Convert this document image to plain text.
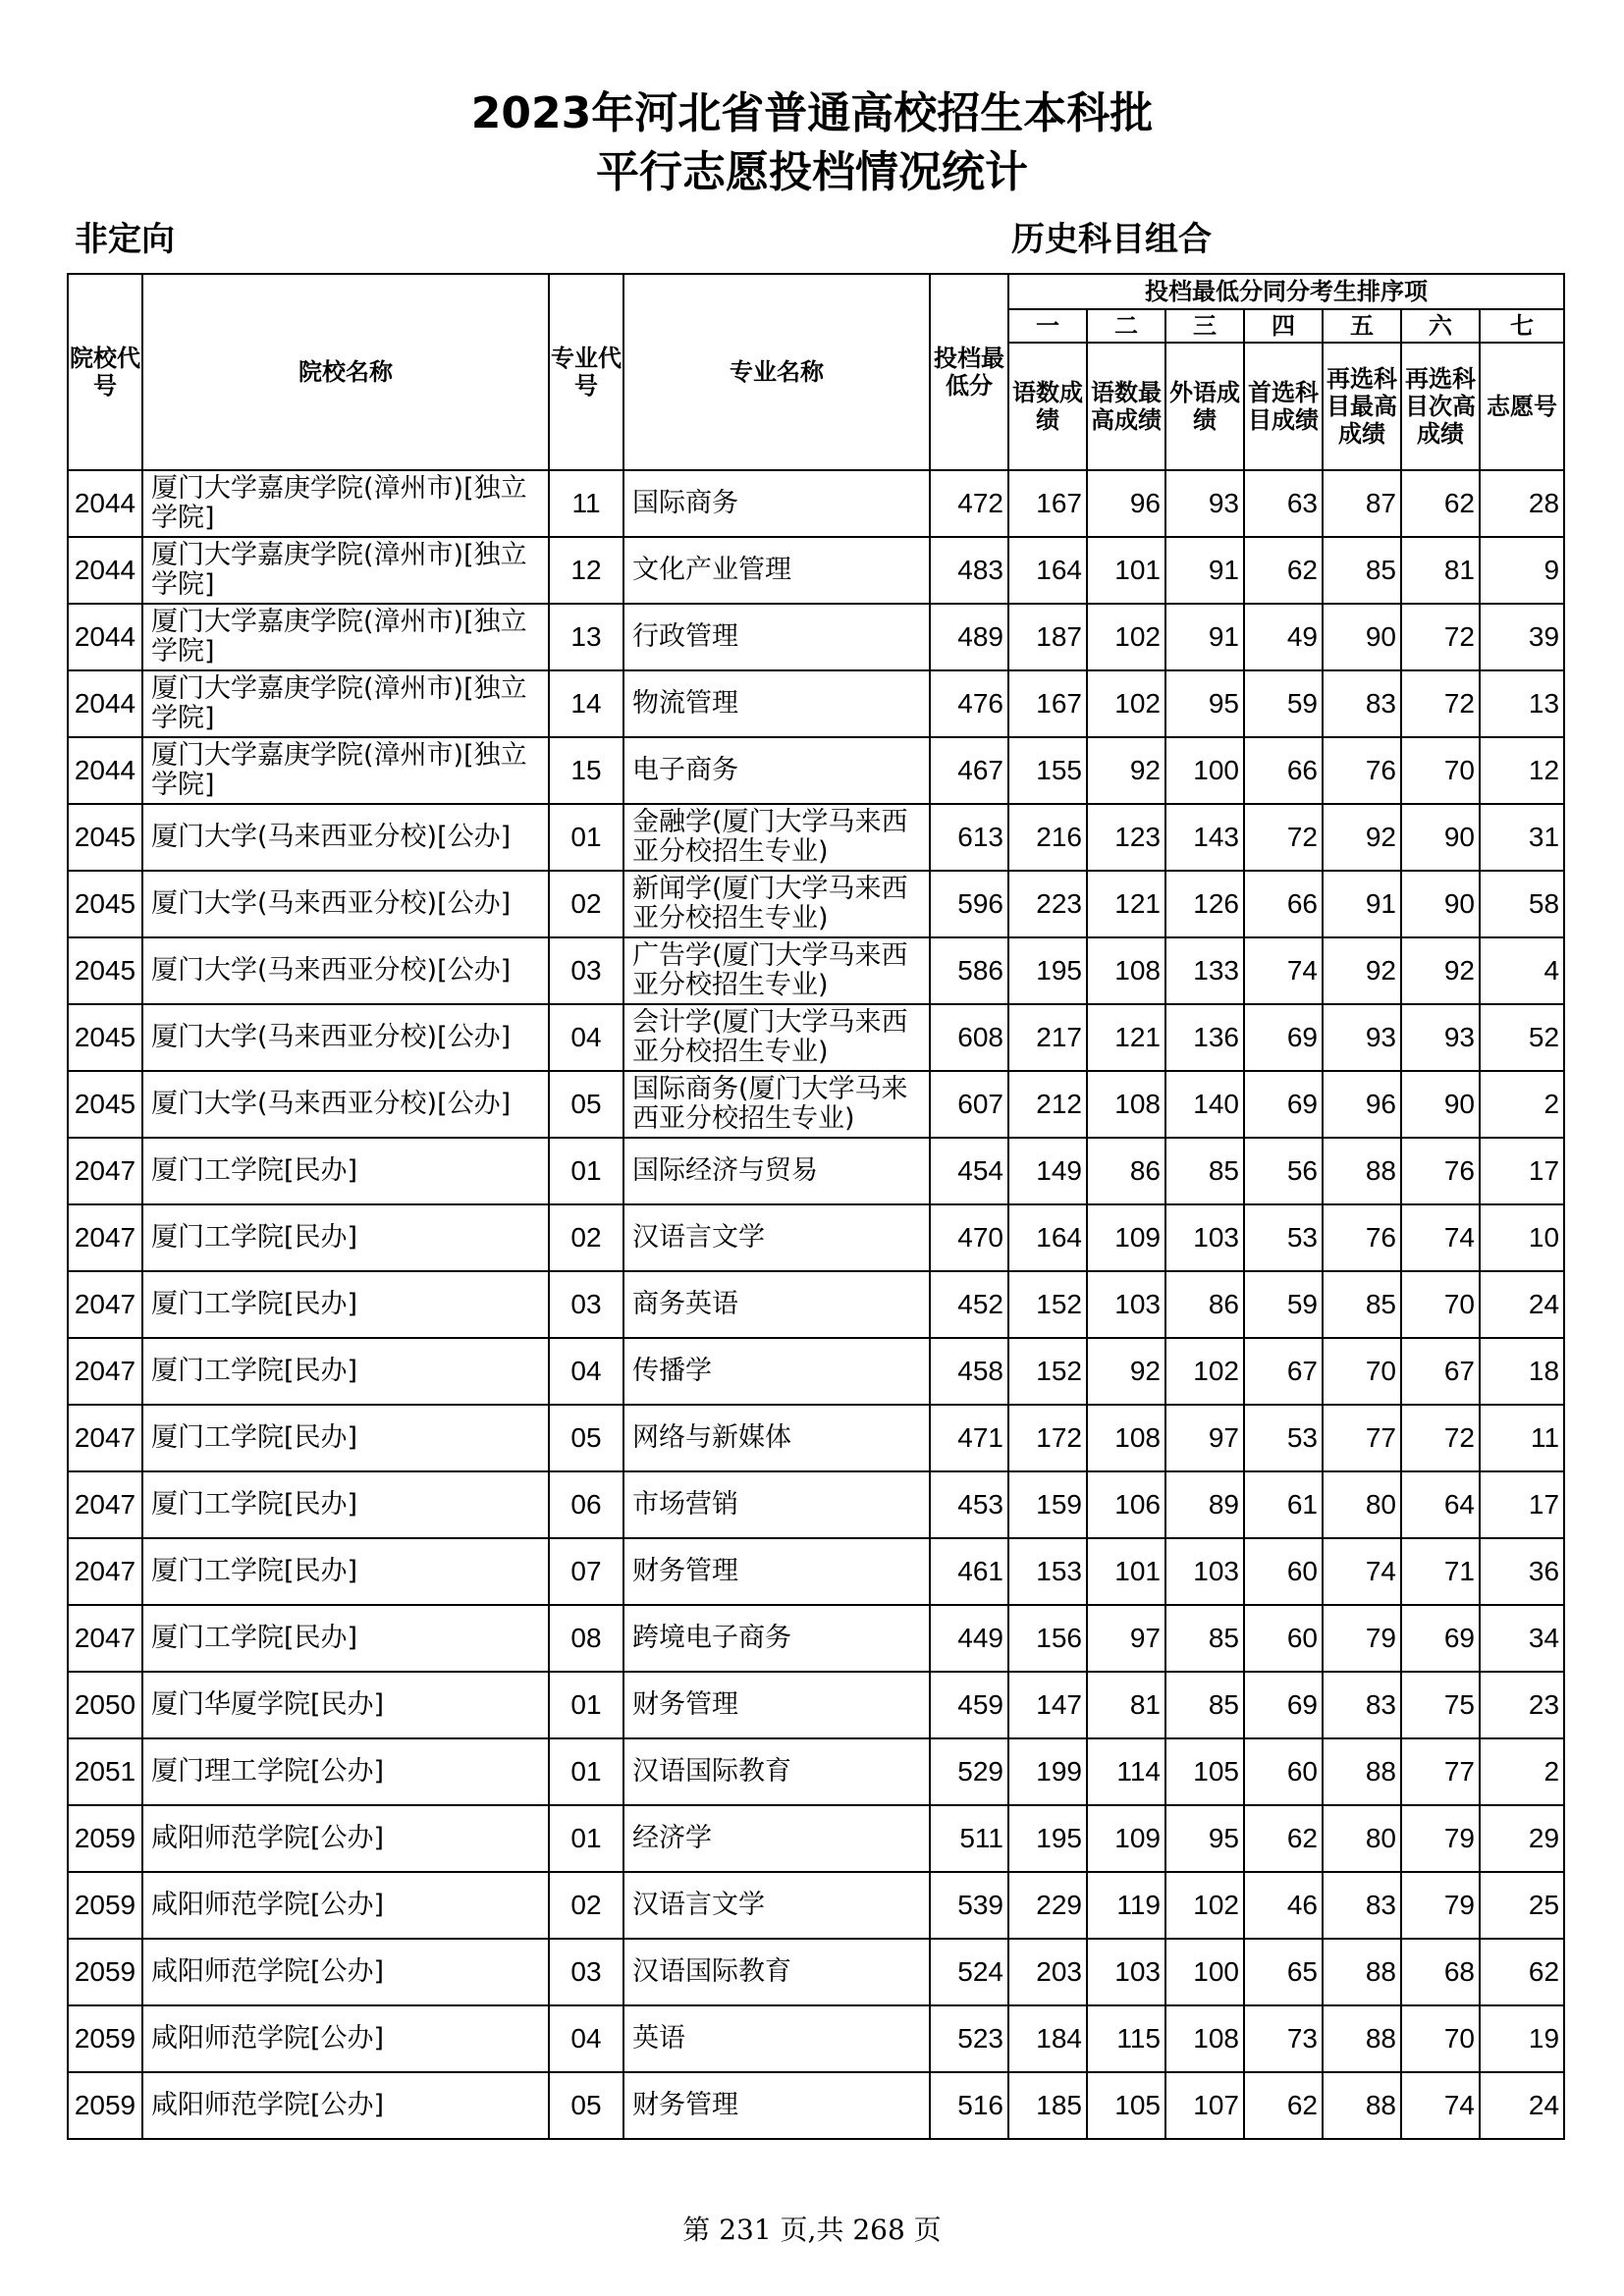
2023年河北省普通高校招生本科批
平行志愿投档情况统计
非定向	历史科目组合
院校代号	院校名称	专业代号	专业名称	投档最低分	投档最低分同分考生排序项						
					一	二	三	四	五	六	七
					语数成绩	语数最高成绩	外语成绩	首选科目成绩	再选科目最高成绩	再选科目次高成绩	志愿号
2044	厦门大学嘉庚学院(漳州市)[独立学院]	11	国际商务	472	167	96	93	63	87	62	28
2044	厦门大学嘉庚学院(漳州市)[独立学院]	12	文化产业管理	483	164	101	91	62	85	81	9
2044	厦门大学嘉庚学院(漳州市)[独立学院]	13	行政管理	489	187	102	91	49	90	72	39
2044	厦门大学嘉庚学院(漳州市)[独立学院]	14	物流管理	476	167	102	95	59	83	72	13
2044	厦门大学嘉庚学院(漳州市)[独立学院]	15	电子商务	467	155	92	100	66	76	70	12
2045	厦门大学(马来西亚分校)[公办]	01	金融学(厦门大学马来西亚分校招生专业)	613	216	123	143	72	92	90	31
2045	厦门大学(马来西亚分校)[公办]	02	新闻学(厦门大学马来西亚分校招生专业)	596	223	121	126	66	91	90	58
2045	厦门大学(马来西亚分校)[公办]	03	广告学(厦门大学马来西亚分校招生专业)	586	195	108	133	74	92	92	4
2045	厦门大学(马来西亚分校)[公办]	04	会计学(厦门大学马来西亚分校招生专业)	608	217	121	136	69	93	93	52
2045	厦门大学(马来西亚分校)[公办]	05	国际商务(厦门大学马来西亚分校招生专业)	607	212	108	140	69	96	90	2
2047	厦门工学院[民办]	01	国际经济与贸易	454	149	86	85	56	88	76	17
2047	厦门工学院[民办]	02	汉语言文学	470	164	109	103	53	76	74	10
2047	厦门工学院[民办]	03	商务英语	452	152	103	86	59	85	70	24
2047	厦门工学院[民办]	04	传播学	458	152	92	102	67	70	67	18
2047	厦门工学院[民办]	05	网络与新媒体	471	172	108	97	53	77	72	11
2047	厦门工学院[民办]	06	市场营销	453	159	106	89	61	80	64	17
2047	厦门工学院[民办]	07	财务管理	461	153	101	103	60	74	71	36
2047	厦门工学院[民办]	08	跨境电子商务	449	156	97	85	60	79	69	34
2050	厦门华厦学院[民办]	01	财务管理	459	147	81	85	69	83	75	23
2051	厦门理工学院[公办]	01	汉语国际教育	529	199	114	105	60	88	77	2
2059	咸阳师范学院[公办]	01	经济学	511	195	109	95	62	80	79	29
2059	咸阳师范学院[公办]	02	汉语言文学	539	229	119	102	46	83	79	25
2059	咸阳师范学院[公办]	03	汉语国际教育	524	203	103	100	65	88	68	62
2059	咸阳师范学院[公办]	04	英语	523	184	115	108	73	88	70	19
2059	咸阳师范学院[公办]	05	财务管理	516	185	105	107	62	88	74	24
第 231 页,共 268 页
